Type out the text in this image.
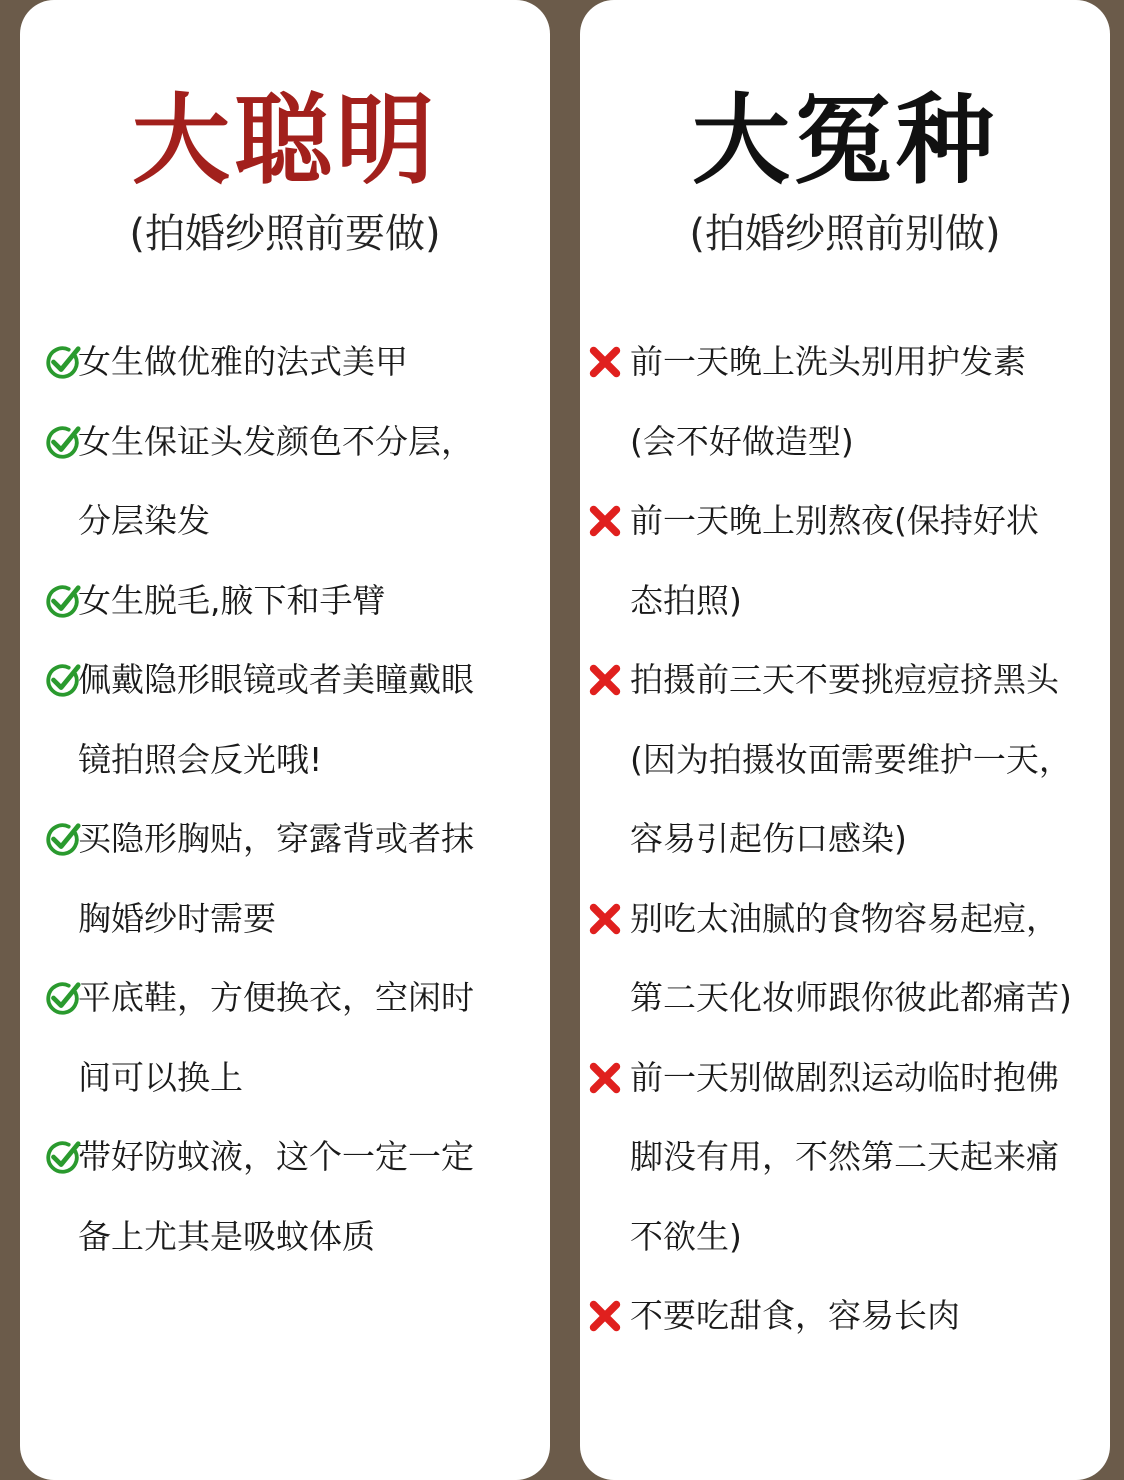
大聪明
(拍婚纱照前要做)
女生做优雅的法式美甲
女生保证头发颜色不分层，
分层染发
女生脱毛,腋下和手臂
佩戴隐形眼镜或者美瞳戴眼
镜拍照会反光哦!
买隐形胸贴，穿露背或者抹
胸婚纱时需要
平底鞋，方便换衣，空闲时
间可以换上
带好防蚊液，这个一定一定
备上尤其是吸蚊体质
大冤种
(拍婚纱照前别做)
前一天晚上洗头别用护发素
(会不好做造型)
前一天晚上别熬夜(保持好状
态拍照)
拍摄前三天不要挑痘痘挤黑头
(因为拍摄妆面需要维护一天，
容易引起伤口感染)
别吃太油腻的食物容易起痘，
第二天化妆师跟你彼此都痛苦)
前一天别做剧烈运动临时抱佛
脚没有用，不然第二天起来痛
不欲生)
不要吃甜食，容易长肉
